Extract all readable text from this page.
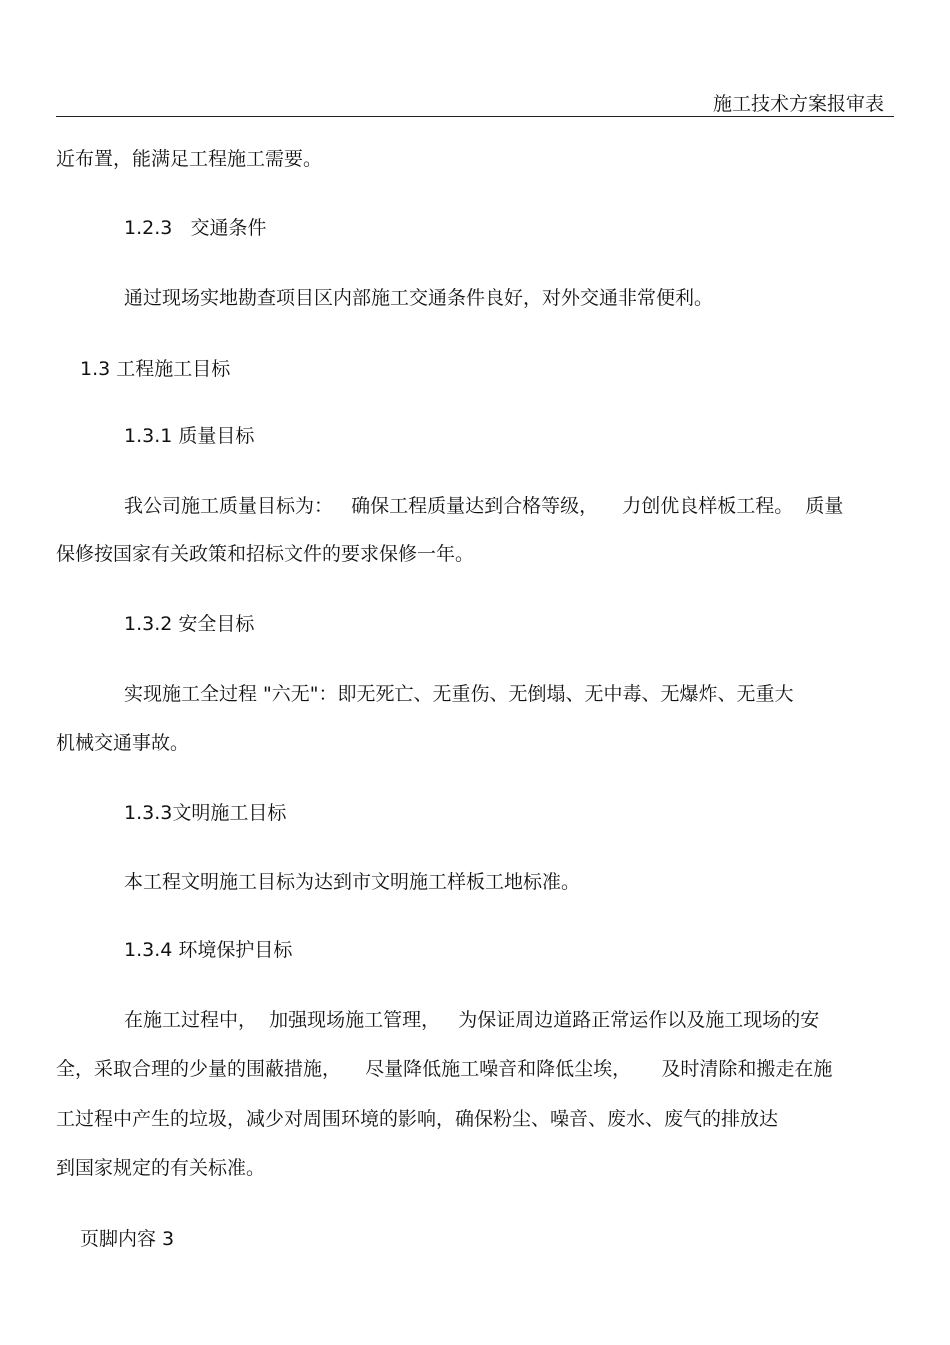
施工技术方案报审表
近布置，能满足工程施工需要。
1.2.3   交通条件
通过现场实地勘查项目区内部施工交通条件良好，对外交通非常便利。
1.3 工程施工目标
1.3.1 质量目标
我公司施工质量目标为：   确保工程质量达到合格等级，    力创优良样板工程。  质量
保修按国家有关政策和招标文件的要求保修一年。
1.3.2 安全目标
实现施工全过程 "六无"：即无死亡、无重伤、无倒塌、无中毒、无爆炸、无重大
机械交通事故。
1.3.3文明施工目标
本工程文明施工目标为达到市文明施工样板工地标准。
1.3.4 环境保护目标
在施工过程中，  加强现场施工管理，   为保证周边道路正常运作以及施工现场的安
全，采取合理的少量的围蔽措施，    尽量降低施工噪音和降低尘埃，     及时清除和搬走在施
工过程中产生的垃圾，减少对周围环境的影响，确保粉尘、噪音、废水、废气的排放达
到国家规定的有关标准。
页脚内容 3
